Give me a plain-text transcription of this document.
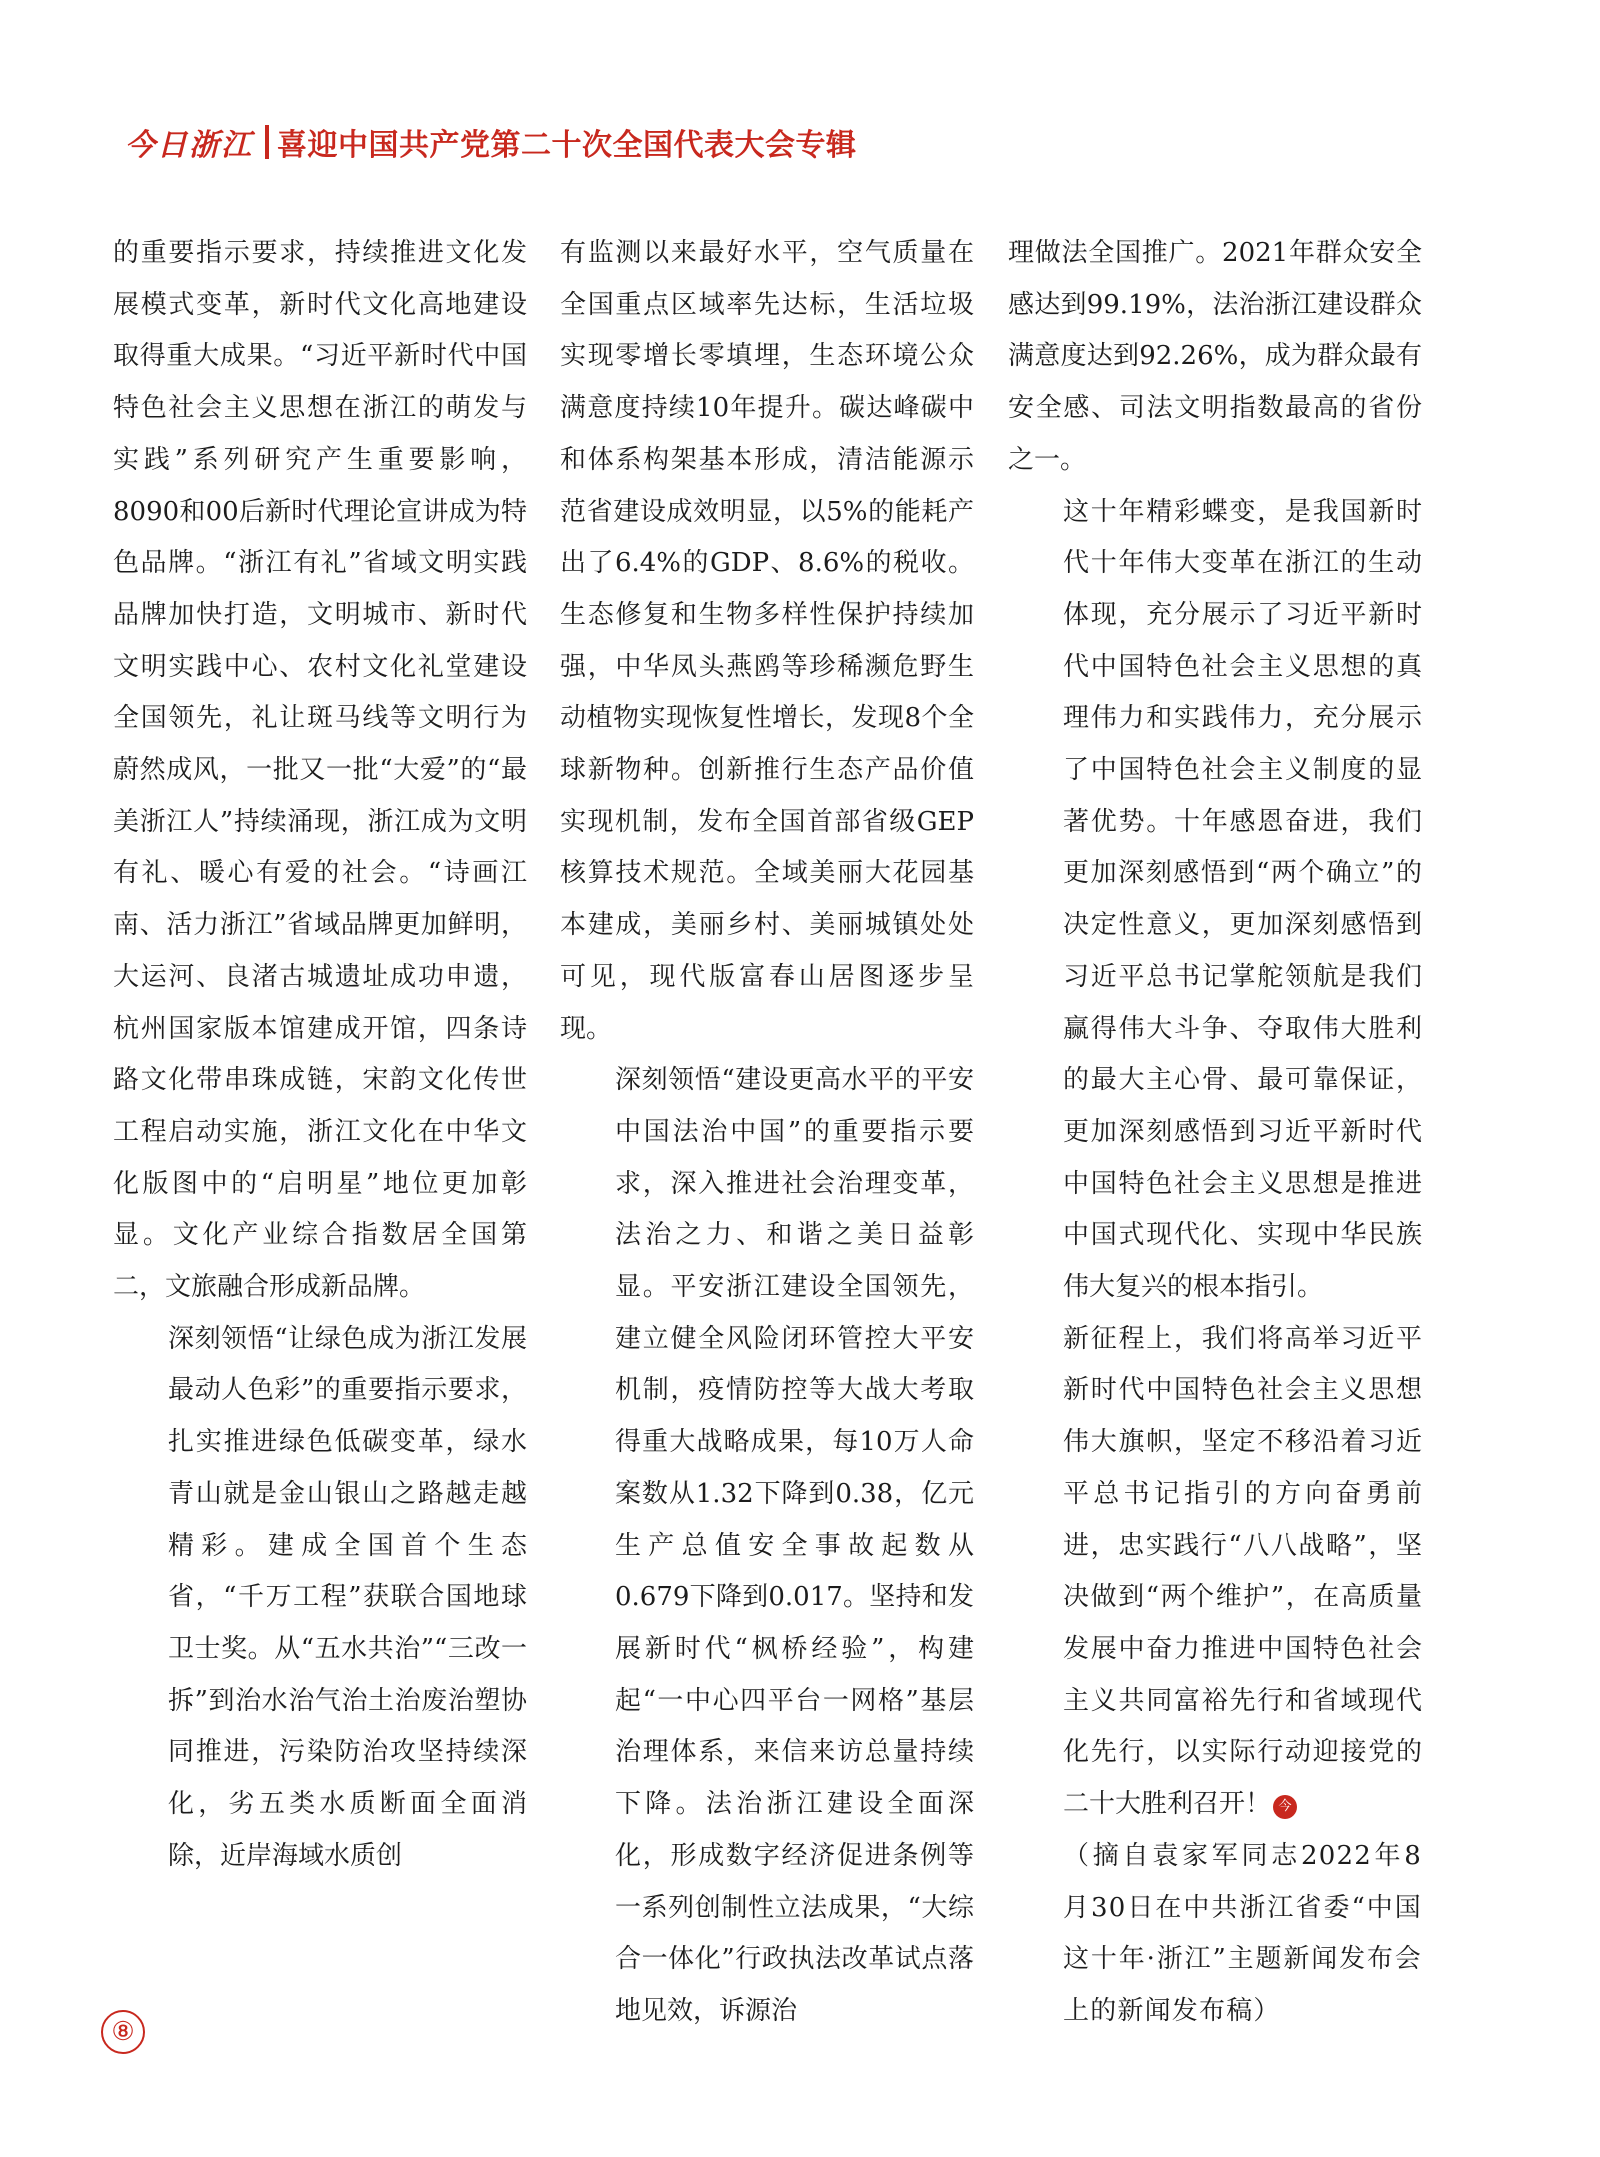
今日浙江 喜迎中国共产党第二十次全国代表大会专辑

的重要指示要求，持续推进文化发展模式变革，新时代文化高地建设取得重大成果。“习近平新时代中国特色社会主义思想在浙江的萌发与实践”系列研究产生重要影响，8090和00后新时代理论宣讲成为特色品牌。“浙江有礼”省域文明实践品牌加快打造，文明城市、新时代文明实践中心、农村文化礼堂建设全国领先，礼让斑马线等文明行为蔚然成风，一批又一批“大爱”的“最美浙江人”持续涌现，浙江成为文明有礼、暖心有爱的社会。“诗画江南、活力浙江”省域品牌更加鲜明，大运河、良渚古城遗址成功申遗，杭州国家版本馆建成开馆，四条诗路文化带串珠成链，宋韵文化传世工程启动实施，浙江文化在中华文化版图中的“启明星”地位更加彰显。文化产业综合指数居全国第二，文旅融合形成新品牌。

深刻领悟“让绿色成为浙江发展最动人色彩”的重要指示要求，扎实推进绿色低碳变革，绿水青山就是金山银山之路越走越精彩。建成全国首个生态省，“千万工程”获联合国地球卫士奖。从“五水共治”“三改一拆”到治水治气治土治废治塑协同推进，污染防治攻坚持续深化，劣五类水质断面全面消除，近岸海域水质创

有监测以来最好水平，空气质量在全国重点区域率先达标，生活垃圾实现零增长零填埋，生态环境公众满意度持续10年提升。碳达峰碳中和体系构架基本形成，清洁能源示范省建设成效明显，以5%的能耗产出了6.4%的GDP、8.6%的税收。生态修复和生物多样性保护持续加强，中华凤头燕鸥等珍稀濒危野生动植物实现恢复性增长，发现8个全球新物种。创新推行生态产品价值实现机制，发布全国首部省级GEP核算技术规范。全域美丽大花园基本建成，美丽乡村、美丽城镇处处可见，现代版富春山居图逐步呈现。

深刻领悟“建设更高水平的平安中国法治中国”的重要指示要求，深入推进社会治理变革，法治之力、和谐之美日益彰显。平安浙江建设全国领先，建立健全风险闭环管控大平安机制，疫情防控等大战大考取得重大战略成果，每10万人命案数从1.32下降到0.38，亿元生产总值安全事故起数从0.679下降到0.017。坚持和发展新时代“枫桥经验”，构建起“一中心四平台一网格”基层治理体系，来信来访总量持续下降。法治浙江建设全面深化，形成数字经济促进条例等一系列创制性立法成果，“大综合一体化”行政执法改革试点落地见效，诉源治

理做法全国推广。2021年群众安全感达到99.19%，法治浙江建设群众满意度达到92.26%，成为群众最有安全感、司法文明指数最高的省份之一。

这十年精彩蝶变，是我国新时代十年伟大变革在浙江的生动体现，充分展示了习近平新时代中国特色社会主义思想的真理伟力和实践伟力，充分展示了中国特色社会主义制度的显著优势。十年感恩奋进，我们更加深刻感悟到“两个确立”的决定性意义，更加深刻感悟到习近平总书记掌舵领航是我们赢得伟大斗争、夺取伟大胜利的最大主心骨、最可靠保证，更加深刻感悟到习近平新时代中国特色社会主义思想是推进中国式现代化、实现中华民族伟大复兴的根本指引。

新征程上，我们将高举习近平新时代中国特色社会主义思想伟大旗帜，坚定不移沿着习近平总书记指引的方向奋勇前进，忠实践行“八八战略”，坚决做到“两个维护”，在高质量发展中奋力推进中国特色社会主义共同富裕先行和省域现代化先行，以实际行动迎接党的二十大胜利召开！ 今

（摘自袁家军同志2022年8月30日在中共浙江省委“中国这十年·浙江”主题新闻发布会上的新闻发布稿）

⑧
